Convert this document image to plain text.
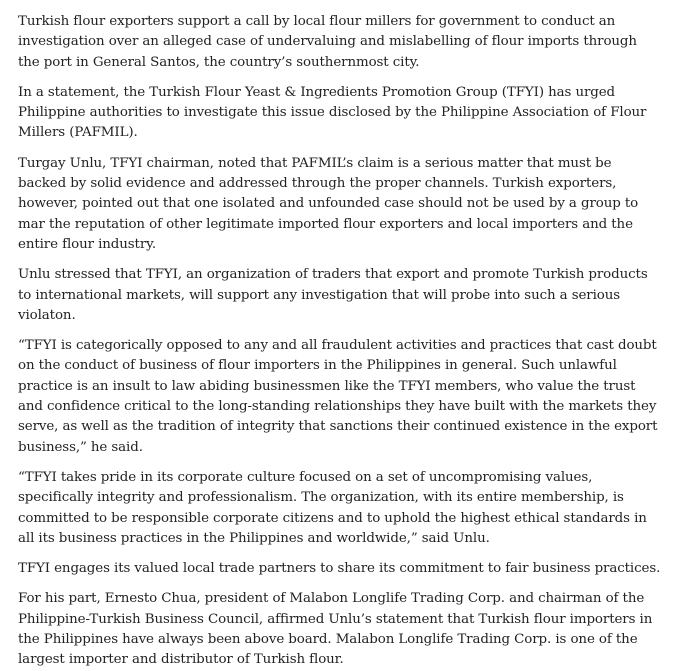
Turkish flour exporters support a call by local flour millers for government to conduct an investigation over an alleged case of undervaluing and mislabelling of flour imports through the port in General Santos, the country’s southernmost city.

In a statement, the Turkish Flour Yeast & Ingredients Promotion Group (TFYI) has urged Philippine authorities to investigate this issue disclosed by the Philippine Association of Flour Millers (PAFMIL).

Turgay Unlu, TFYI chairman, noted that PAFMIL’s claim is a serious matter that must be backed by solid evidence and addressed through the proper channels. Turkish exporters, however, pointed out that one isolated and unfounded case should not be used by a group to mar the reputation of other legitimate imported flour exporters and local importers and the entire flour industry.

Unlu stressed that TFYI, an organization of traders that export and promote Turkish products to international markets, will support any investigation that will probe into such a serious violaton.

“TFYI is categorically opposed to any and all fraudulent activities and practices that cast doubt on the conduct of business of flour importers in the Philippines in general. Such unlawful practice is an insult to law abiding businessmen like the TFYI members, who value the trust and confidence critical to the long-standing relationships they have built with the markets they serve, as well as the tradition of integrity that sanctions their continued existence in the export business,” he said.

“TFYI takes pride in its corporate culture focused on a set of uncompromising values, specifically integrity and professionalism. The organization, with its entire membership, is committed to be responsible corporate citizens and to uphold the highest ethical standards in all its business practices in the Philippines and worldwide,” said Unlu.

TFYI engages its valued local trade partners to share its commitment to fair business practices.

For his part, Ernesto Chua, president of Malabon Longlife Trading Corp. and chairman of the Philippine-Turkish Business Council, affirmed Unlu’s statement that Turkish flour importers in the Philippines have always been above board. Malabon Longlife Trading Corp. is one of the largest importer and distributor of Turkish flour.
